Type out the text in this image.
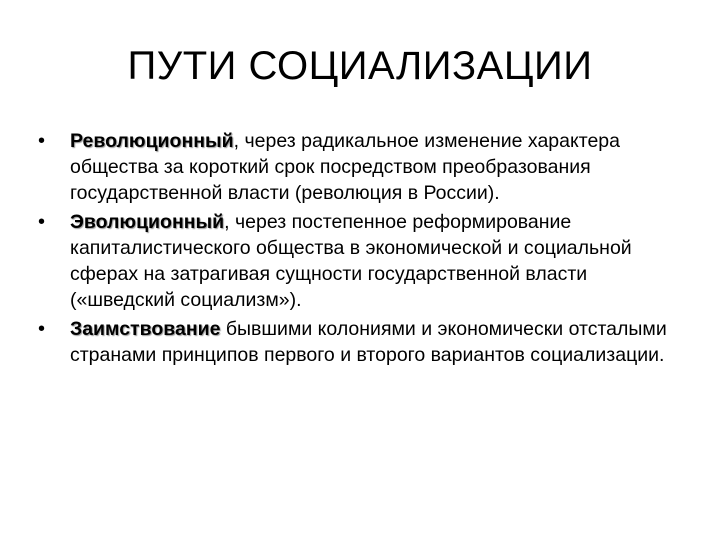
ПУТИ СОЦИАЛИЗАЦИИ
•	Революционный, через радикальное изменение характера общества за короткий срок посредством преобразования государственной власти (революция в России).
•	Эволюционный, через постепенное реформирование капиталистического общества в экономической и социальной сферах на затрагивая сущности государственной власти («шведский социализм»).
•	Заимствование бывшими колониями и экономически отсталыми странами принципов первого и второго вариантов социализации.
